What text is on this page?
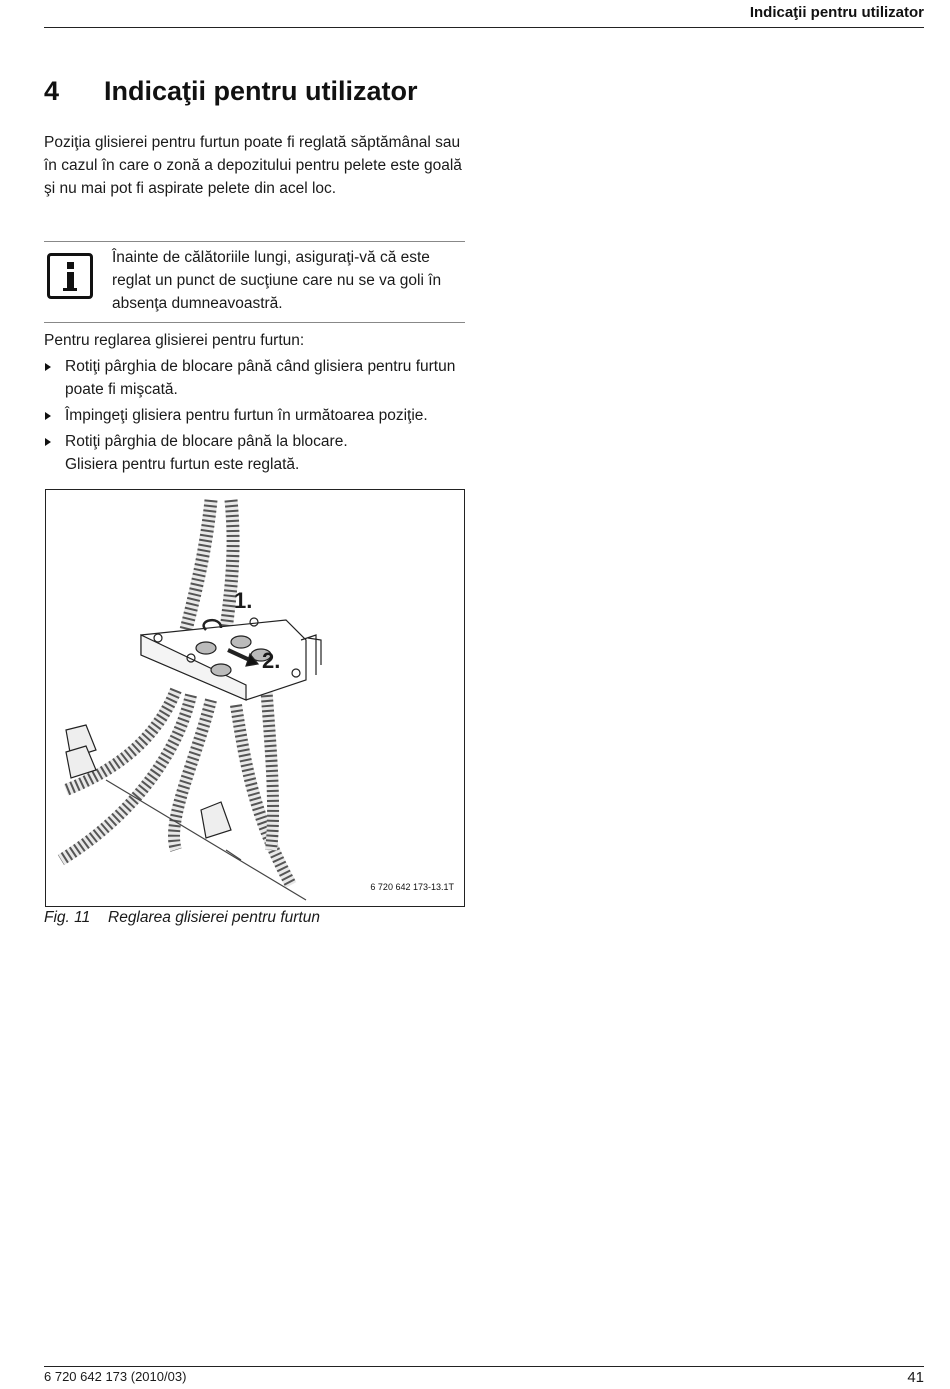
Indicaţii pentru utilizator
4 Indicaţii pentru utilizator
Poziţia glisierei pentru furtun poate fi reglată săptămânal sau în cazul în care o zonă a depozitului pentru pelete este goală şi nu mai pot fi aspirate pelete din acel loc.
Înainte de călătoriile lungi, asiguraţi-vă că este reglat un punct de sucţiune care nu se va goli în absenţa dumneavoastră.
Pentru reglarea glisierei pentru furtun:
Rotiţi pârghia de blocare până când glisiera pentru furtun poate fi mişcată.
Împingeţi glisiera pentru furtun în următoarea poziţie.
Rotiţi pârghia de blocare până la blocare.
Glisiera pentru furtun este reglată.
1.
2.
6 720 642 173-13.1T
Fig. 11 Reglarea glisierei pentru furtun
6 720 642 173 (2010/03)	41
